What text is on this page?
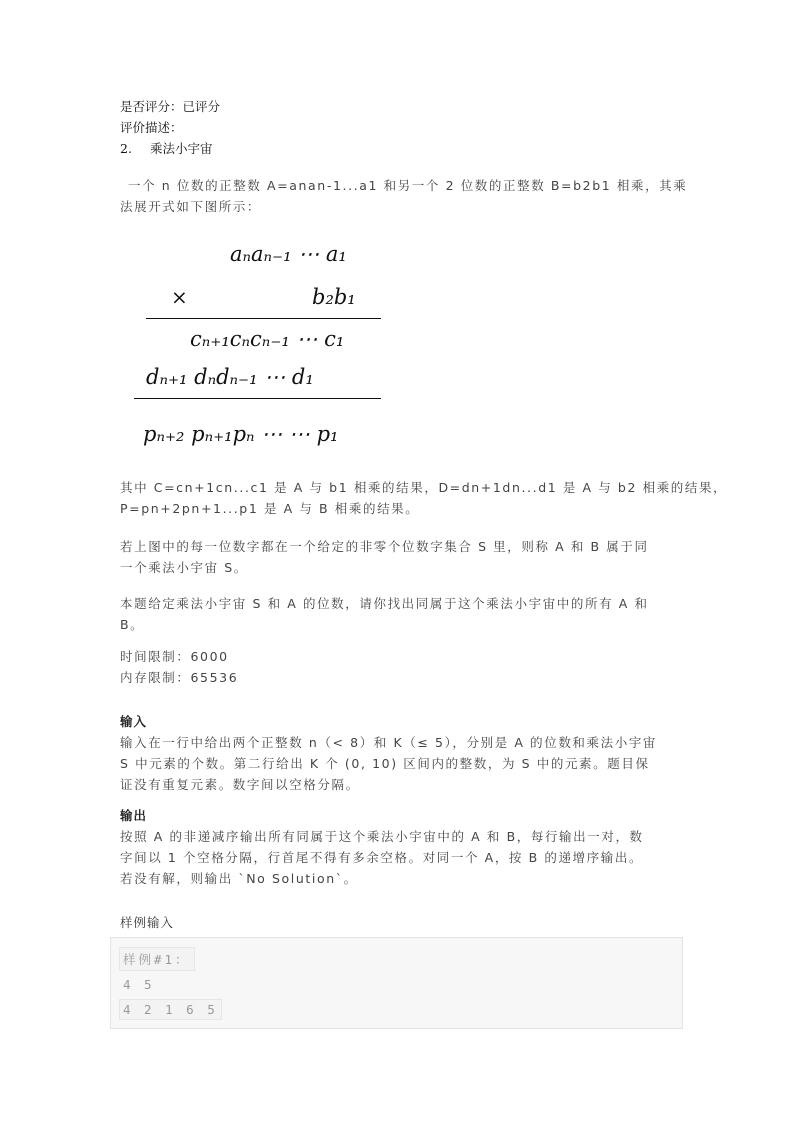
是否评分：已评分
评价描述：
2. 乘法小宇宙
一个 n 位数的正整数 A=anan-1...a1 和另一个 2 位数的正整数 B=b2b1 相乘，其乘
法展开式如下图所示：
aₙaₙ₋₁ ⋯ a₁
×	b₂b₁
cₙ₊₁cₙcₙ₋₁ ⋯ c₁
dₙ₊₁ dₙdₙ₋₁ ⋯ d₁
pₙ₊₂ pₙ₊₁pₙ ⋯ ⋯ p₁
其中 C=cn+1cn...c1 是 A 与 b1 相乘的结果，D=dn+1dn...d1 是 A 与 b2 相乘的结果，
P=pn+2pn+1...p1 是 A 与 B 相乘的结果。
若上图中的每一位数字都在一个给定的非零个位数字集合 S 里，则称 A 和 B 属于同
一个乘法小宇宙 S。
本题给定乘法小宇宙 S 和 A 的位数，请你找出同属于这个乘法小宇宙中的所有 A 和
B。
时间限制：6000
内存限制：65536
输入
输入在一行中给出两个正整数 n（< 8）和 K（≤ 5），分别是 A 的位数和乘法小宇宙
S 中元素的个数。第二行给出 K 个 (0, 10) 区间内的整数，为 S 中的元素。题目保
证没有重复元素。数字间以空格分隔。
输出
按照 A 的非递减序输出所有同属于这个乘法小宇宙中的 A 和 B，每行输出一对，数
字间以 1 个空格分隔，行首尾不得有多余空格。对同一个 A，按 B 的递增序输出。
若没有解，则输出 `No Solution`。
样例输入
样例#1：
4 5
4 2 1 6 5
